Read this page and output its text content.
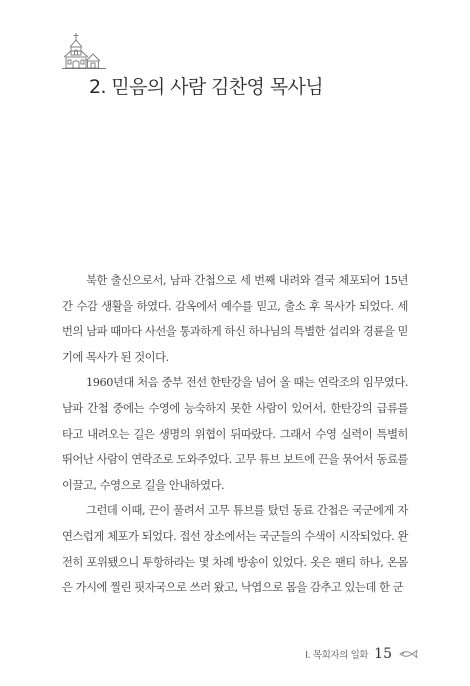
2. 믿음의 사람 김찬영 목사님

북한 출신으로서, 남파 간첩으로 세 번째 내려와 결국 체포되어 15년간 수감 생활을 하였다. 감옥에서 예수를 믿고, 출소 후 목사가 되었다. 세 번의 남파 때마다 사선을 통과하게 하신 하나님의 특별한 섭리와 경륜을 믿기에 목사가 된 것이다.

1960년대 처음 중부 전선 한탄강을 넘어 올 때는 연락조의 임무였다. 남파 간첩 중에는 수영에 능숙하지 못한 사람이 있어서, 한탄강의 급류를 타고 내려오는 길은 생명의 위협이 뒤따랐다. 그래서 수영 실력이 특별히 뛰어난 사람이 연락조로 도와주었다. 고무 튜브 보트에 끈을 묶어서 동료를 이끌고, 수영으로 길을 안내하였다.

그런데 이때, 끈이 풀려서 고무 튜브를 탔던 동료 간첩은 국군에게 자연스럽게 체포가 되었다. 접선 장소에서는 국군들의 수색이 시작되었다. 완전히 포위됐으니 투항하라는 몇 차례 방송이 있었다. 옷은 팬티 하나, 온몸은 가시에 찔린 핏자국으로 쓰러 왔고, 낙엽으로 몸을 감추고 있는데 한 군

I. 목회자의 일화 15
